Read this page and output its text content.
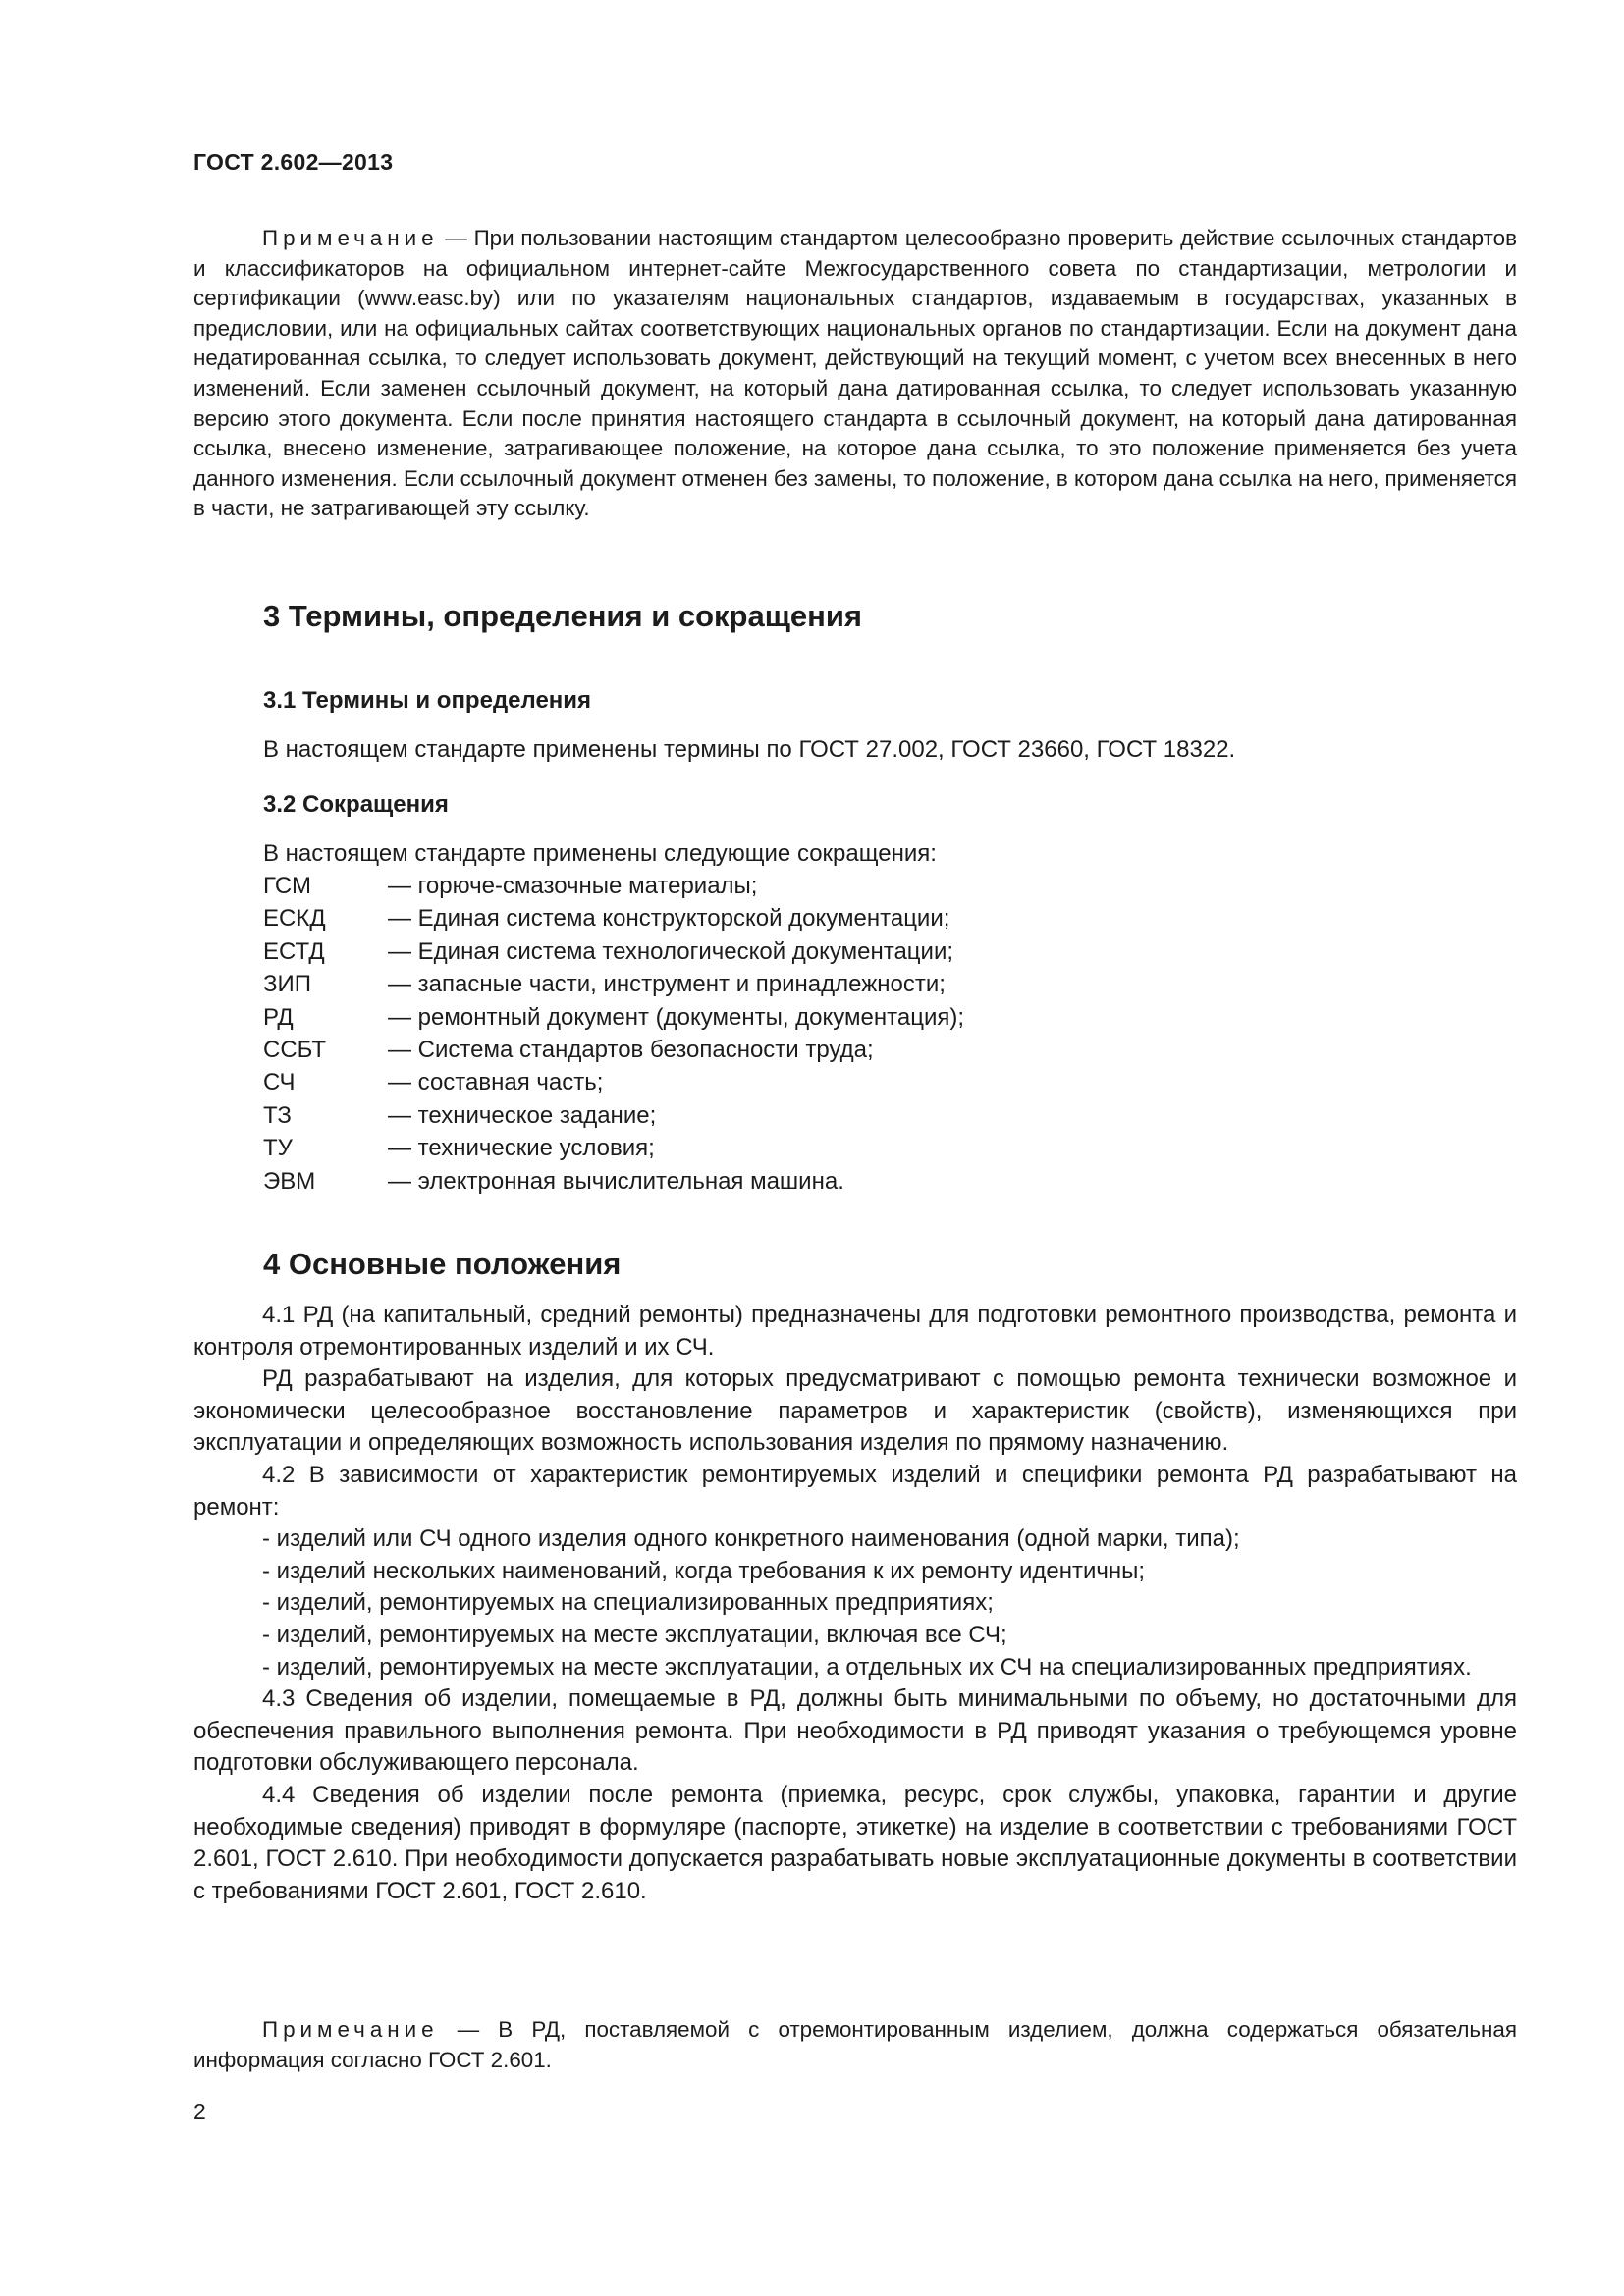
ГОСТ 2.602—2013
Примечание — При пользовании настоящим стандартом целесообразно проверить действие ссылочных стандартов и классификаторов на официальном интернет-сайте Межгосударственного совета по стандартизации, метрологии и сертификации (www.easc.by) или по указателям национальных стандартов, издаваемым в государствах, указанных в предисловии, или на официальных сайтах соответствующих национальных органов по стандартизации. Если на документ дана недатированная ссылка, то следует использовать документ, действующий на текущий момент, с учетом всех внесенных в него изменений. Если заменен ссылочный документ, на который дана датированная ссылка, то следует использовать указанную версию этого документа. Если после принятия настоящего стандарта в ссылочный документ, на который дана датированная ссылка, внесено изменение, затрагивающее положение, на которое дана ссылка, то это положение применяется без учета данного изменения. Если ссылочный документ отменен без замены, то положение, в котором дана ссылка на него, применяется в части, не затрагивающей эту ссылку.
3 Термины, определения и сокращения
3.1 Термины и определения
В настоящем стандарте применены термины по ГОСТ 27.002, ГОСТ 23660, ГОСТ 18322.
3.2 Сокращения
В настоящем стандарте применены следующие сокращения:
ГСМ	— горюче-смазочные материалы;
ЕСКД	— Единая система конструкторской документации;
ЕСТД	— Единая система технологической документации;
ЗИП	— запасные части, инструмент и принадлежности;
РД	— ремонтный документ (документы, документация);
ССБТ	— Система стандартов безопасности труда;
СЧ	— составная часть;
ТЗ	— техническое задание;
ТУ	— технические условия;
ЭВМ	— электронная вычислительная машина.
4 Основные положения
4.1 РД (на капитальный, средний ремонты) предназначены для подготовки ремонтного производства, ремонта и контроля отремонтированных изделий и их СЧ.
РД разрабатывают на изделия, для которых предусматривают с помощью ремонта технически возможное и экономически целесообразное восстановление параметров и характеристик (свойств), изменяющихся при эксплуатации и определяющих возможность использования изделия по прямому назначению.
4.2 В зависимости от характеристик ремонтируемых изделий и специфики ремонта РД разрабатывают на ремонт:
- изделий или СЧ одного изделия одного конкретного наименования (одной марки, типа);
- изделий нескольких наименований, когда требования к их ремонту идентичны;
- изделий, ремонтируемых на специализированных предприятиях;
- изделий, ремонтируемых на месте эксплуатации, включая все СЧ;
- изделий, ремонтируемых на месте эксплуатации, а отдельных их СЧ на специализированных предприятиях.
4.3 Сведения об изделии, помещаемые в РД, должны быть минимальными по объему, но достаточными для обеспечения правильного выполнения ремонта. При необходимости в РД приводят указания о требующемся уровне подготовки обслуживающего персонала.
4.4 Сведения об изделии после ремонта (приемка, ресурс, срок службы, упаковка, гарантии и другие необходимые сведения) приводят в формуляре (паспорте, этикетке) на изделие в соответствии с требованиями ГОСТ 2.601, ГОСТ 2.610. При необходимости допускается разрабатывать новые эксплуатационные документы в соответствии с требованиями ГОСТ 2.601, ГОСТ 2.610.
Примечание — В РД, поставляемой с отремонтированным изделием, должна содержаться обязательная информация согласно ГОСТ 2.601.
2
